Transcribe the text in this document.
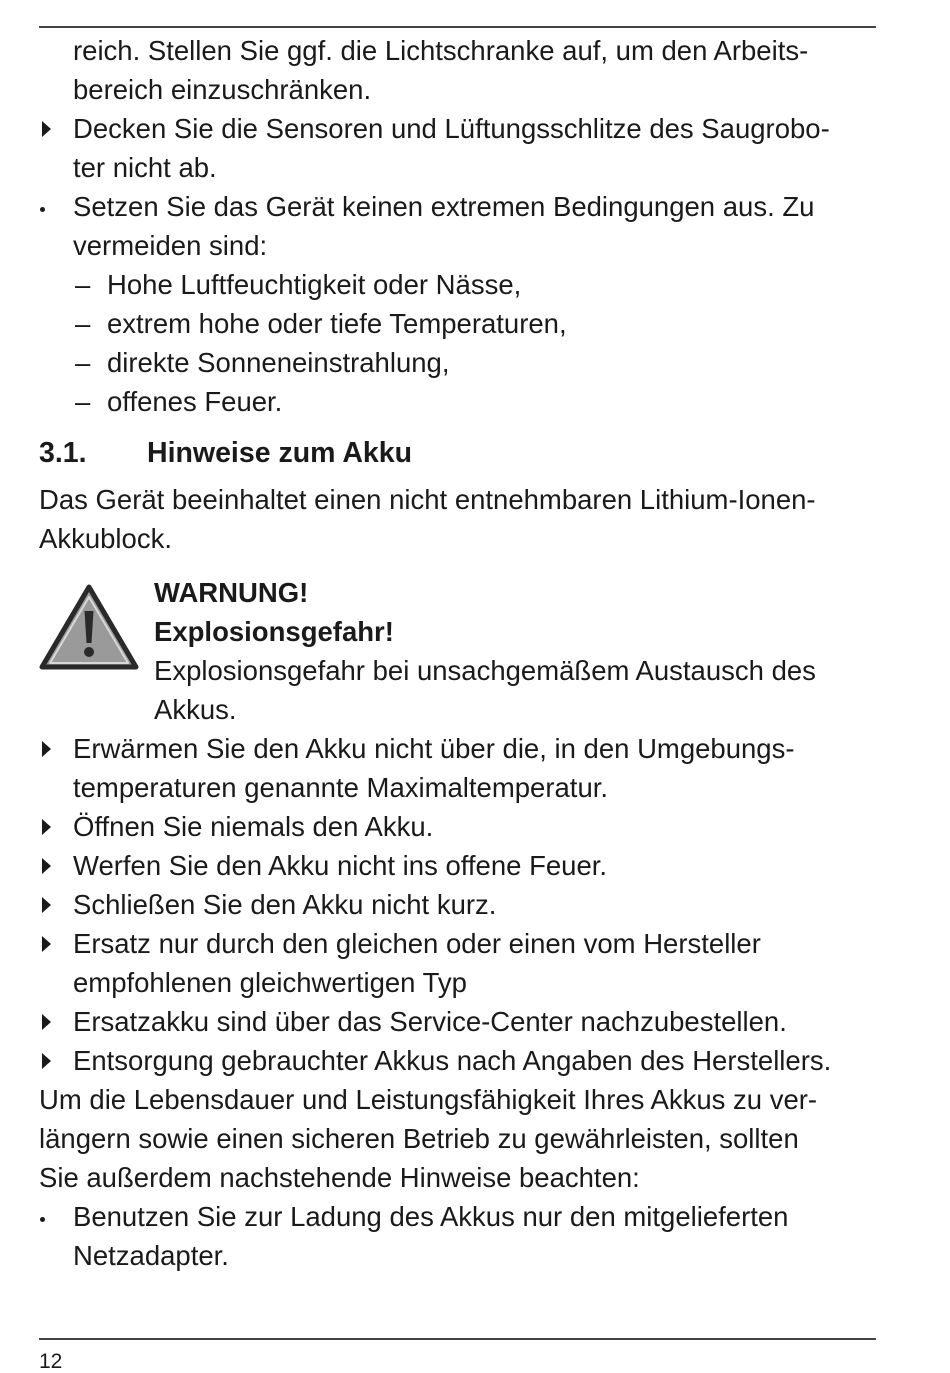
reich. Stellen Sie ggf. die Lichtschranke auf, um den Arbeits-
bereich einzuschränken.
Decken Sie die Sensoren und Lüftungsschlitze des Saugrobo-
ter nicht ab.
Setzen Sie das Gerät keinen extremen Bedingungen aus. Zu
vermeiden sind:
– Hohe Luftfeuchtigkeit oder Nässe,
– extrem hohe oder tiefe Temperaturen,
– direkte Sonneneinstrahlung,
– offenes Feuer.
3.1. Hinweise zum Akku
Das Gerät beeinhaltet einen nicht entnehmbaren Lithium-Ionen-
Akkublock.
WARNUNG!
Explosionsgefahr!
Explosionsgefahr bei unsachgemäßem Austausch des
Akkus.
Erwärmen Sie den Akku nicht über die, in den Umgebungs-
temperaturen genannte Maximaltemperatur.
Öffnen Sie niemals den Akku.
Werfen Sie den Akku nicht ins offene Feuer.
Schließen Sie den Akku nicht kurz.
Ersatz nur durch den gleichen oder einen vom Hersteller
empfohlenen gleichwertigen Typ
Ersatzakku sind über das Service-Center nachzubestellen.
Entsorgung gebrauchter Akkus nach Angaben des Herstellers.
Um die Lebensdauer und Leistungsfähigkeit Ihres Akkus zu ver-
längern sowie einen sicheren Betrieb zu gewährleisten, sollten
Sie außerdem nachstehende Hinweise beachten:
Benutzen Sie zur Ladung des Akkus nur den mitgelieferten
Netzadapter.
12
